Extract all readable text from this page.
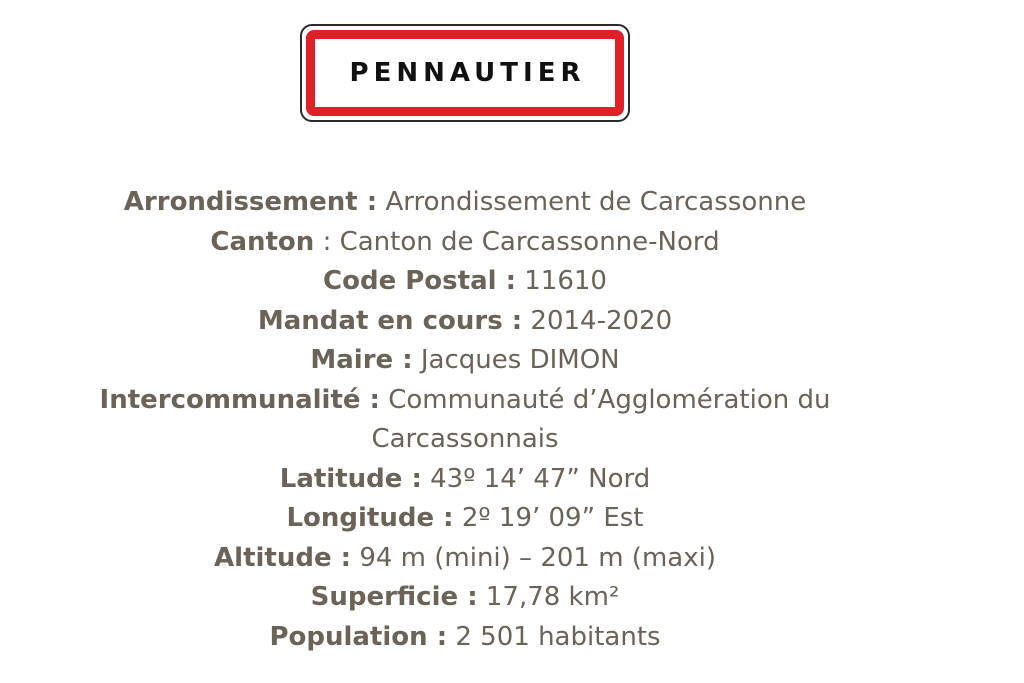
PENNAUTIER
Arrondissement : Arrondissement de Carcassonne
Canton : Canton de Carcassonne-Nord
Code Postal : 11610
Mandat en cours : 2014-2020
Maire : Jacques DIMON
Intercommunalité : Communauté d’Agglomération du
Carcassonnais
Latitude : 43º 14’ 47” Nord
Longitude : 2º 19’ 09” Est
Altitude : 94 m (mini) – 201 m (maxi)
Superficie : 17,78 km²
Population : 2 501 habitants
